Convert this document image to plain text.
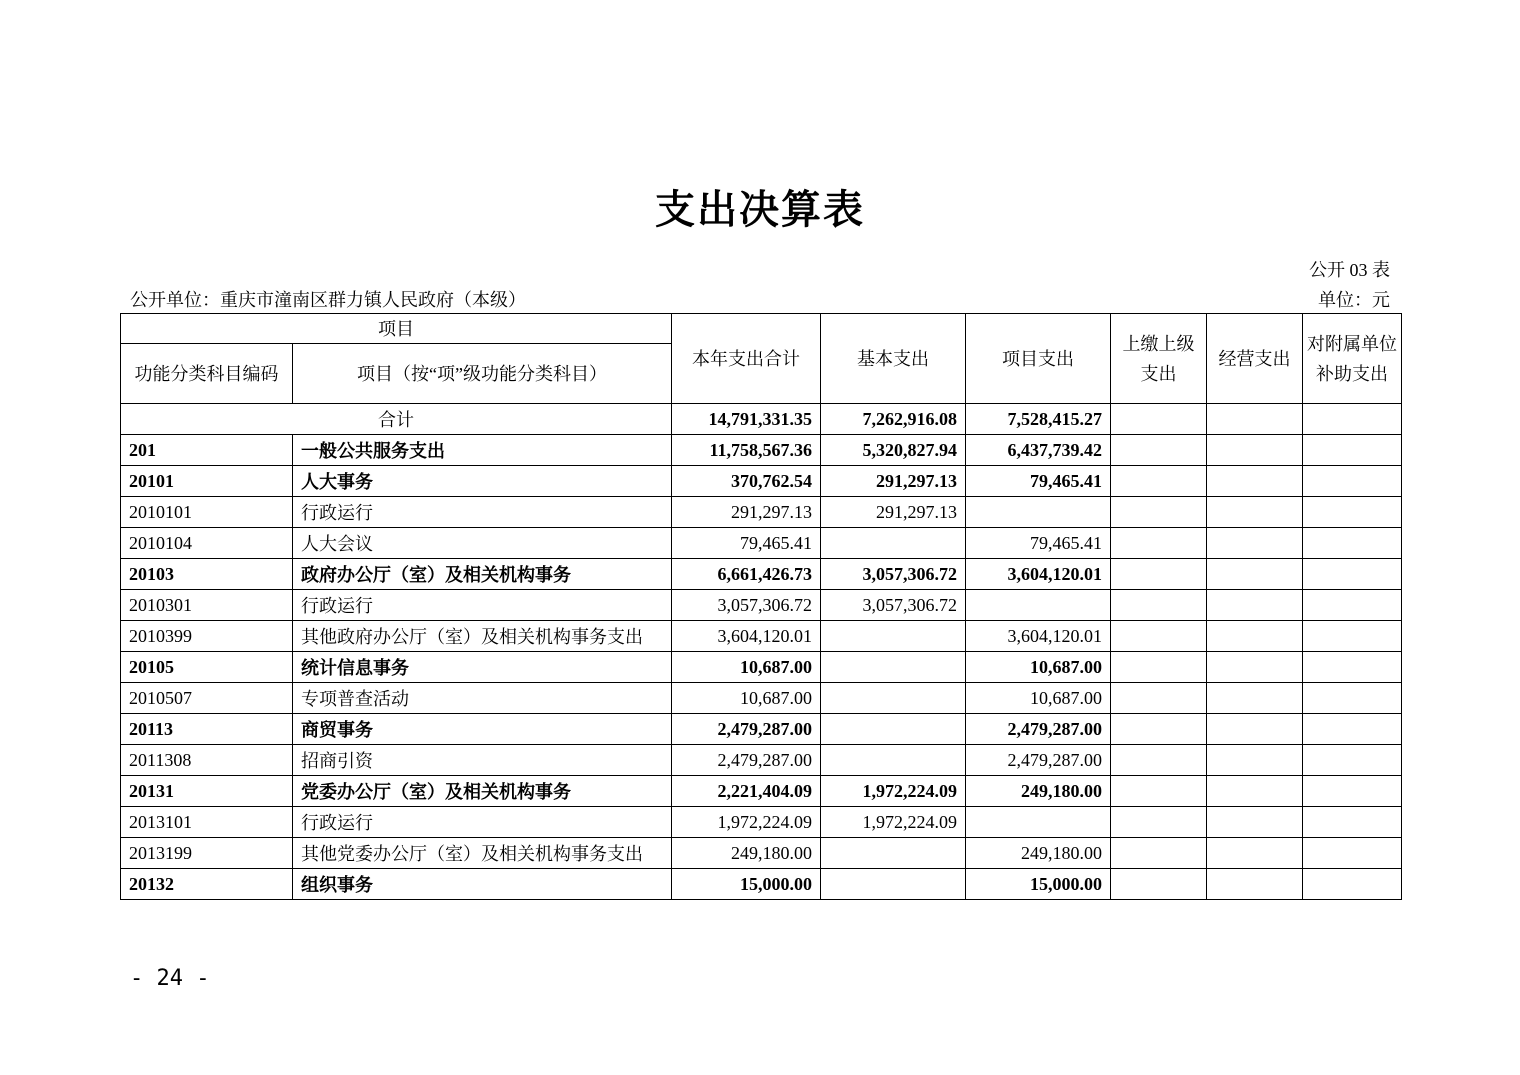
支出决算表
公开 03 表
公开单位：重庆市潼南区群力镇人民政府（本级）	单位：元
项目		本年支出合计	基本支出	项目支出	上缴上级支出	经营支出	对附属单位补助支出
功能分类科目编码	项目（按“项”级功能分类科目）						
合计		14,791,331.35	7,262,916.08	7,528,415.27			
201	一般公共服务支出	11,758,567.36	5,320,827.94	6,437,739.42			
20101	人大事务	370,762.54	291,297.13	79,465.41			
2010101	行政运行	291,297.13	291,297.13				
2010104	人大会议	79,465.41		79,465.41			
20103	政府办公厅（室）及相关机构事务	6,661,426.73	3,057,306.72	3,604,120.01			
2010301	行政运行	3,057,306.72	3,057,306.72				
2010399	其他政府办公厅（室）及相关机构事务支出	3,604,120.01		3,604,120.01			
20105	统计信息事务	10,687.00		10,687.00			
2010507	专项普查活动	10,687.00		10,687.00			
20113	商贸事务	2,479,287.00		2,479,287.00			
2011308	招商引资	2,479,287.00		2,479,287.00			
20131	党委办公厅（室）及相关机构事务	2,221,404.09	1,972,224.09	249,180.00			
2013101	行政运行	1,972,224.09	1,972,224.09				
2013199	其他党委办公厅（室）及相关机构事务支出	249,180.00		249,180.00			
20132	组织事务	15,000.00		15,000.00			
- 24 -
